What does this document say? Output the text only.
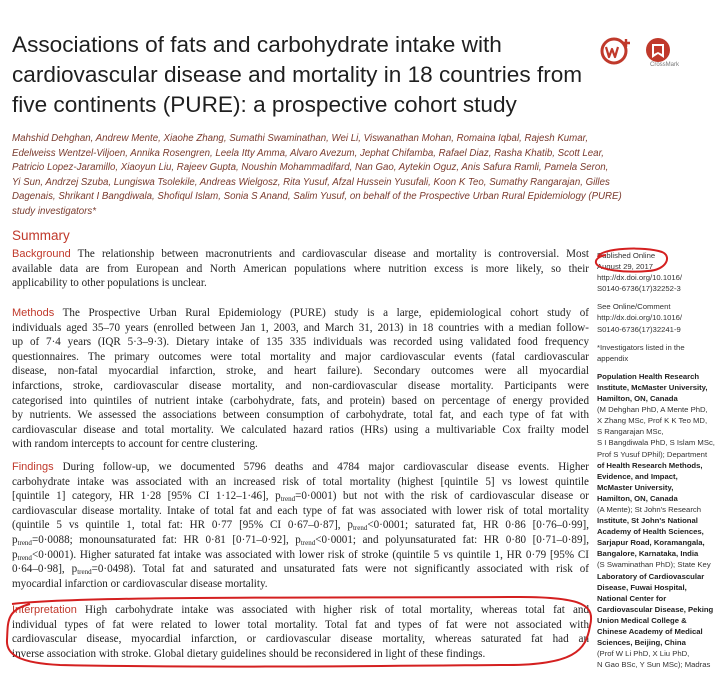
Associations of fats and carbohydrate intake with
cardiovascular disease and mortality in 18 countries from
five continents (PURE): a prospective cohort study
CrossMark
Mahshid Dehghan, Andrew Mente, Xiaohe Zhang, Sumathi Swaminathan, Wei Li, Viswanathan Mohan, Romaina Iqbal, Rajesh Kumar,
Edelweiss Wentzel-Viljoen, Annika Rosengren, Leela Itty Amma, Alvaro Avezum, Jephat Chifamba, Rafael Diaz, Rasha Khatib, Scott Lear,
Patricio Lopez-Jaramillo, Xiaoyun Liu, Rajeev Gupta, Noushin Mohammadifard, Nan Gao, Aytekin Oguz, Anis Safura Ramli, Pamela Seron,
Yi Sun, Andrzej Szuba, Lungiswa Tsolekile, Andreas Wielgosz, Rita Yusuf, Afzal Hussein Yusufali, Koon K Teo, Sumathy Rangarajan, Gilles
Dagenais, Shrikant I Bangdiwala, Shofiqul Islam, Sonia S Anand, Salim Yusuf, on behalf of the Prospective Urban Rural Epidemiology (PURE)
study investigators*
Summary
Background The relationship between macronutrients and cardiovascular disease and mortality is controversial. Most
available data are from European and North American populations where nutrition excess is more likely, so their
applicability to other populations is unclear.
Methods The Prospective Urban Rural Epidemiology (PURE) study is a large, epidemiological cohort study of
individuals aged 35–70 years (enrolled between Jan 1, 2003, and March 31, 2013) in 18 countries with a median follow-
up of 7·4 years (IQR 5·3–9·3). Dietary intake of 135 335 individuals was recorded using validated food frequency
questionnaires. The primary outcomes were total mortality and major cardiovascular events (fatal cardiovascular
disease, non-fatal myocardial infarction, stroke, and heart failure). Secondary outcomes were all myocardial
infarctions, stroke, cardiovascular disease mortality, and non-cardiovascular disease mortality. Participants were
categorised into quintiles of nutrient intake (carbohydrate, fats, and protein) based on percentage of energy provided
by nutrients. We assessed the associations between consumption of carbohydrate, total fat, and each type of fat with
cardiovascular disease and total mortality. We calculated hazard ratios (HRs) using a multivariable Cox frailty model
with random intercepts to account for centre clustering.
Findings During follow-up, we documented 5796 deaths and 4784 major cardiovascular disease events. Higher
carbohydrate intake was associated with an increased risk of total mortality (highest [quintile 5] vs lowest quintile
[quintile 1] category, HR 1·28 [95% CI 1·12–1·46], $p_{trend}=0\cdot 0001$) but not with the risk of cardiovascular disease or
cardiovascular disease mortality. Intake of total fat and each type of fat was associated with lower risk of total mortality
(quintile 5 vs quintile 1, total fat: HR 0·77 [95% CI 0·67–0·87], $p_{trend}<0\cdot 0001$; saturated fat, HR 0·86 [0·76–0·99],
$p_{trend}=0\cdot 0088$; monounsaturated fat: HR 0·81 [0·71–0·92], $p_{trend}<0\cdot 0001$; and polyunsaturated fat: HR 0·80 [0·71–0·89],
$p_{trend}<0\cdot 0001$). Higher saturated fat intake was associated with lower risk of stroke (quintile 5 vs quintile 1, HR 0·79 [95% CI
0·64–0·98], $p_{trend}=0\cdot 0498$). Total fat and saturated and unsaturated fats were not significantly associated with risk of
myocardial infarction or cardiovascular disease mortality.
Interpretation High carbohydrate intake was associated with higher risk of total mortality, whereas total fat and
individual types of fat were related to lower total mortality. Total fat and types of fat were not associated with
cardiovascular disease, myocardial infarction, or cardiovascular disease mortality, whereas saturated fat had an
inverse association with stroke. Global dietary guidelines should be reconsidered in light of these findings.
Published Online
August 29, 2017
http://dx.doi.org/10.1016/
S0140-6736(17)32252-3
See Online/Comment
http://dx.doi.org/10.1016/
S0140-6736(17)32241-9
*Investigators listed in the
appendix
Population Health Research
Institute, McMaster University,
Hamilton, ON, Canada
(M Dehghan PhD, A Mente PhD,
X Zhang MSc, Prof K K Teo MD,
S Rangarajan MSc,
S I Bangdiwala PhD, S Islam MSc,
Prof S Yusuf DPhil); Department
of Health Research Methods,
Evidence, and Impact,
McMaster University,
Hamilton, ON, Canada
(A Mente); St John's Research
Institute, St John's National
Academy of Health Sciences,
Sarjapur Road, Koramangala,
Bangalore, Karnataka, India
(S Swaminathan PhD); State Key
Laboratory of Cardiovascular
Disease, Fuwai Hospital,
National Center for
Cardiovascular Disease, Peking
Union Medical College &
Chinese Academy of Medical
Sciences, Beijing, China
(Prof W Li PhD, X Liu PhD,
N Gao BSc, Y Sun MSc); Madras
